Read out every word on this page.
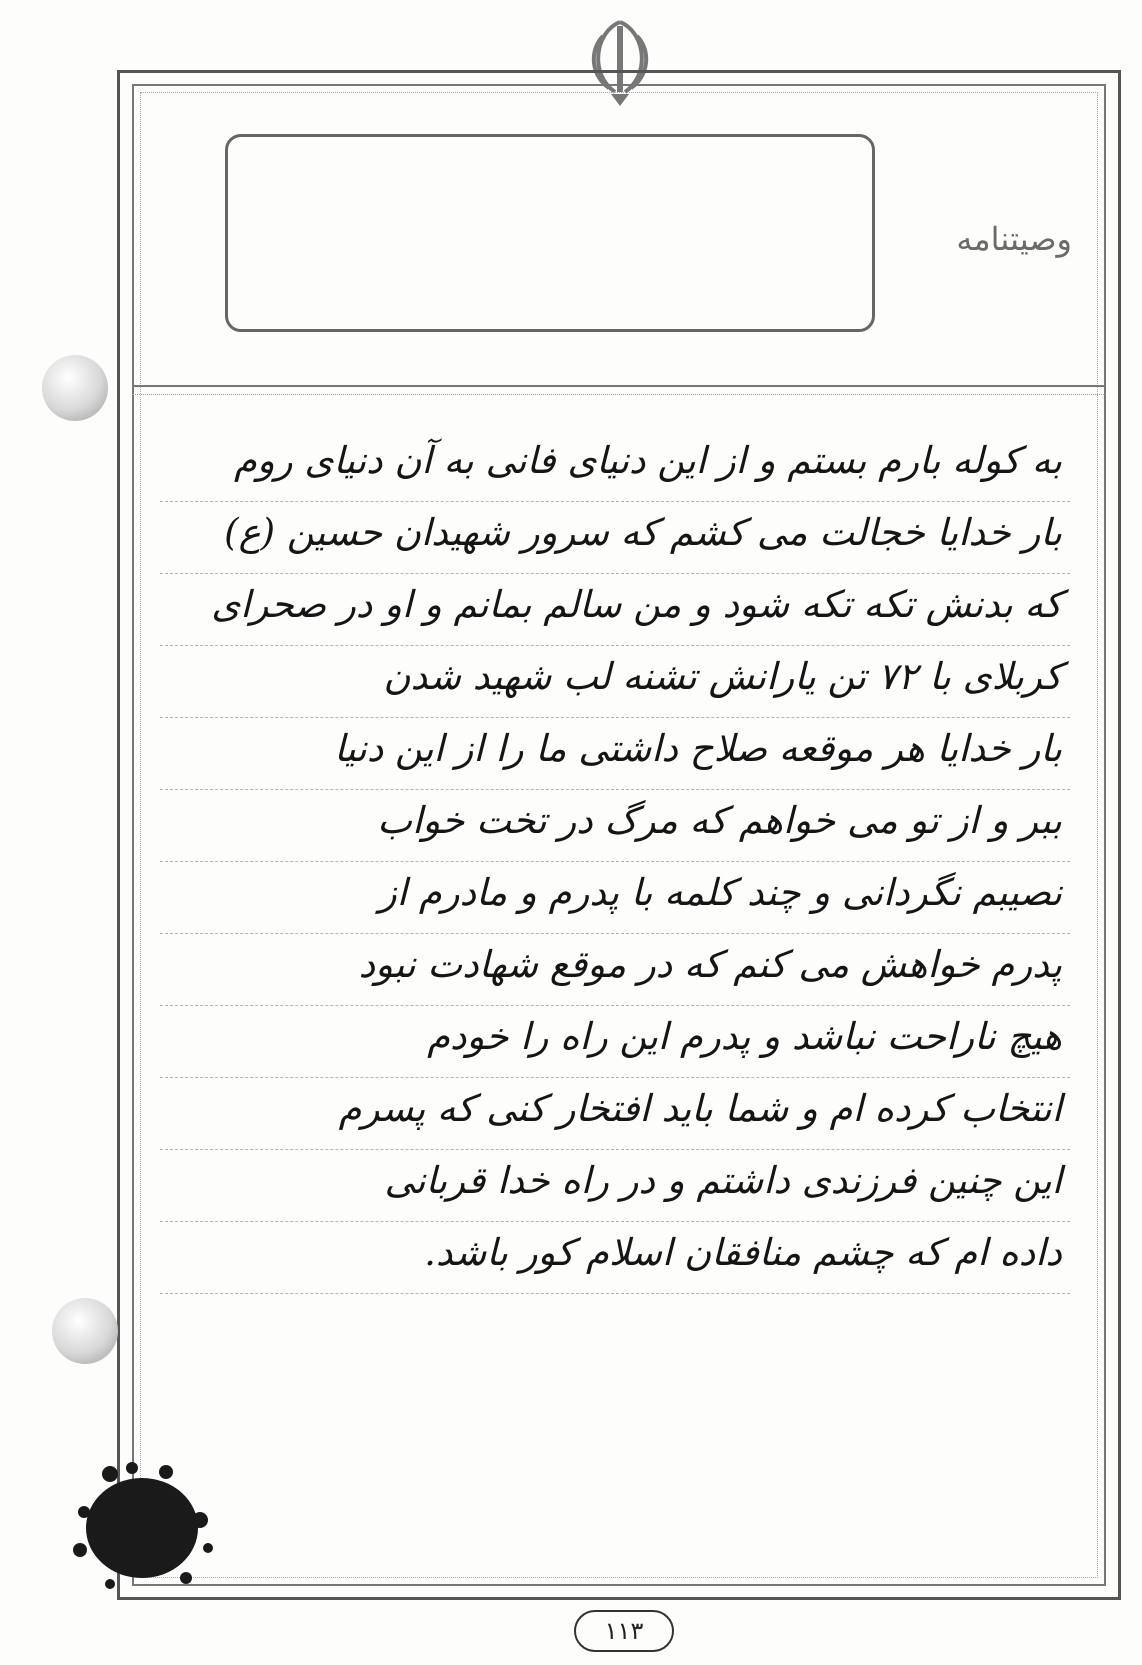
وصیتنامه
به کوله بارم بستم و از این دنیای فانی به آن دنیای روم
بار خدایا خجالت می کشم که سرور شهیدان حسین (ع)
که بدنش تکه تکه شود و من سالم بمانم و او در صحرای
کربلای با ۷۲ تن یارانش تشنه لب شهید شدن
بار خدایا هر موقعه صلاح داشتی ما را از این دنیا
ببر و از تو می خواهم که مرگ در تخت خواب
نصیبم نگردانی و چند کلمه با پدرم و مادرم از
پدرم خواهش می کنم که در موقع شهادت نبود
هیچ ناراحت نباشد و پدرم این راه را خودم
انتخاب کرده ام و شما باید افتخار کنی که پسرم
این چنین فرزندی داشتم و در راه خدا قربانی
داده ام که چشم منافقان اسلام کور باشد.
۱۱۳
